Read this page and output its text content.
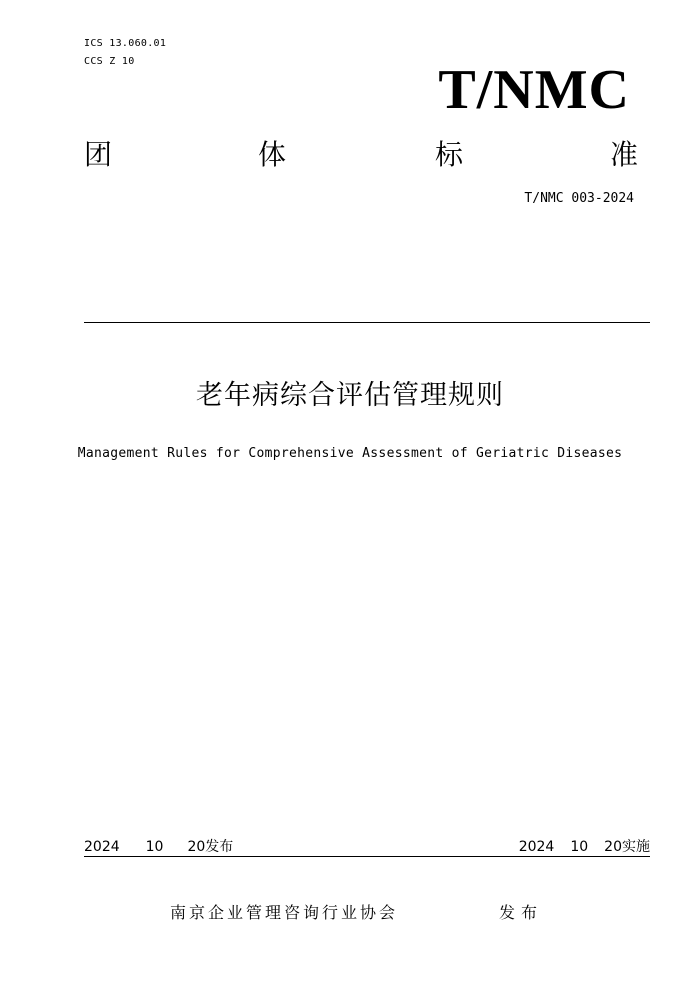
ICS 13.060.01
CCS Z 10	T/NMC
团	体	标	准
T/NMC 003-2024
老年病综合评估管理规则
Management Rules for Comprehensive Assessment of Geriatric Diseases
2024 10 20发布	2024 10 20实施
南京企业管理咨询行业协会	发布
